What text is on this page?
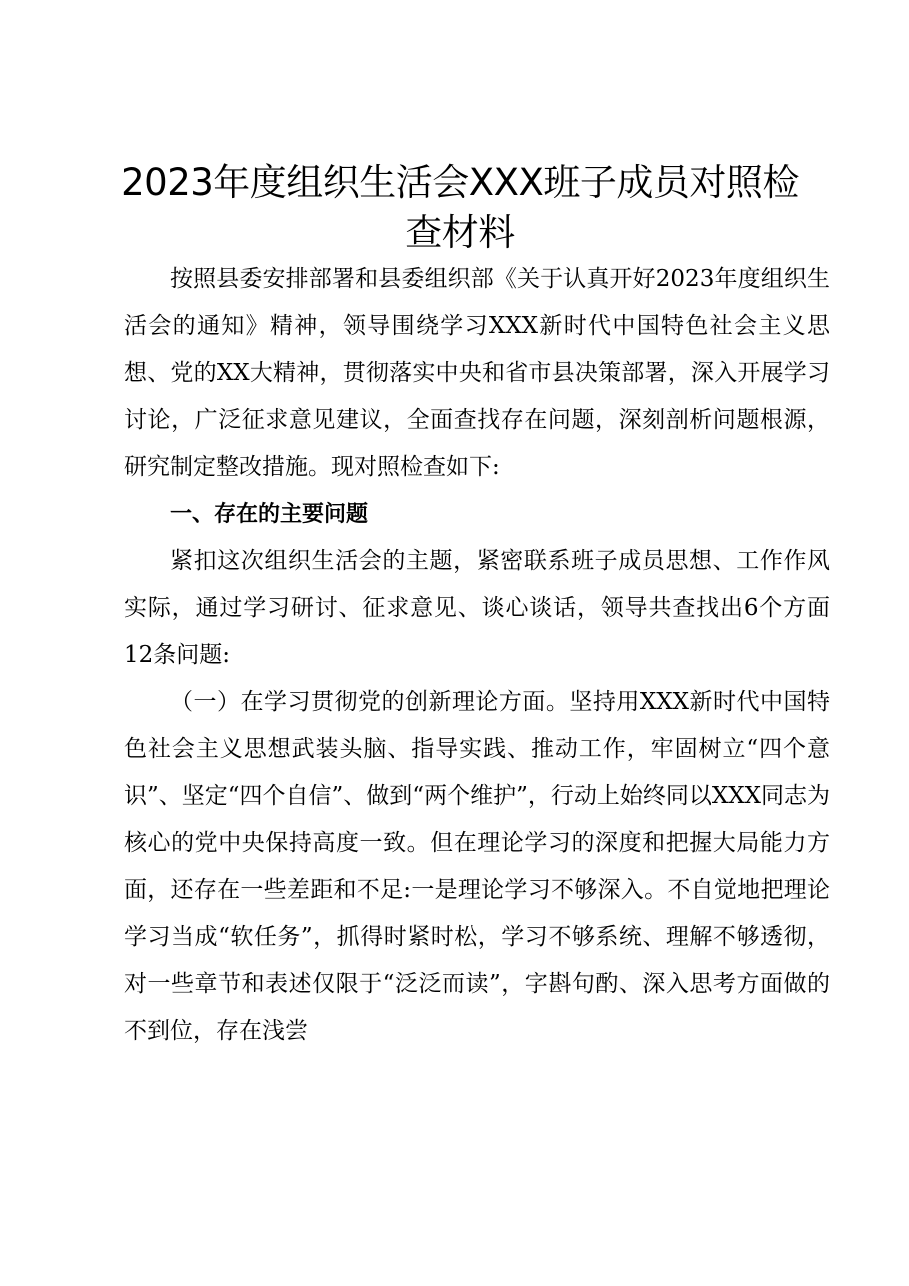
2023年度组织生活会XXX班子成员对照检查材料

按照县委安排部署和县委组织部《关于认真开好2023年度组织生活会的通知》精神，领导围绕学习XXX新时代中国特色社会主义思想、党的XX大精神，贯彻落实中央和省市县决策部署，深入开展学习讨论，广泛征求意见建议，全面查找存在问题，深刻剖析问题根源，研究制定整改措施。现对照检查如下:

一、存在的主要问题

紧扣这次组织生活会的主题，紧密联系班子成员思想、工作作风实际，通过学习研讨、征求意见、谈心谈话，领导共查找出6个方面12条问题:

（一）在学习贯彻党的创新理论方面。坚持用XXX新时代中国特色社会主义思想武装头脑、指导实践、推动工作，牢固树立“四个意识”、坚定“四个自信”、做到“两个维护”，行动上始终同以XXX同志为核心的党中央保持高度一致。但在理论学习的深度和把握大局能力方面，还存在一些差距和不足:一是理论学习不够深入。不自觉地把理论学习当成“软任务”，抓得时紧时松，学习不够系统、理解不够透彻，对一些章节和表述仅限于“泛泛而读”，字斟句酌、深入思考方面做的不到位，存在浅尝
